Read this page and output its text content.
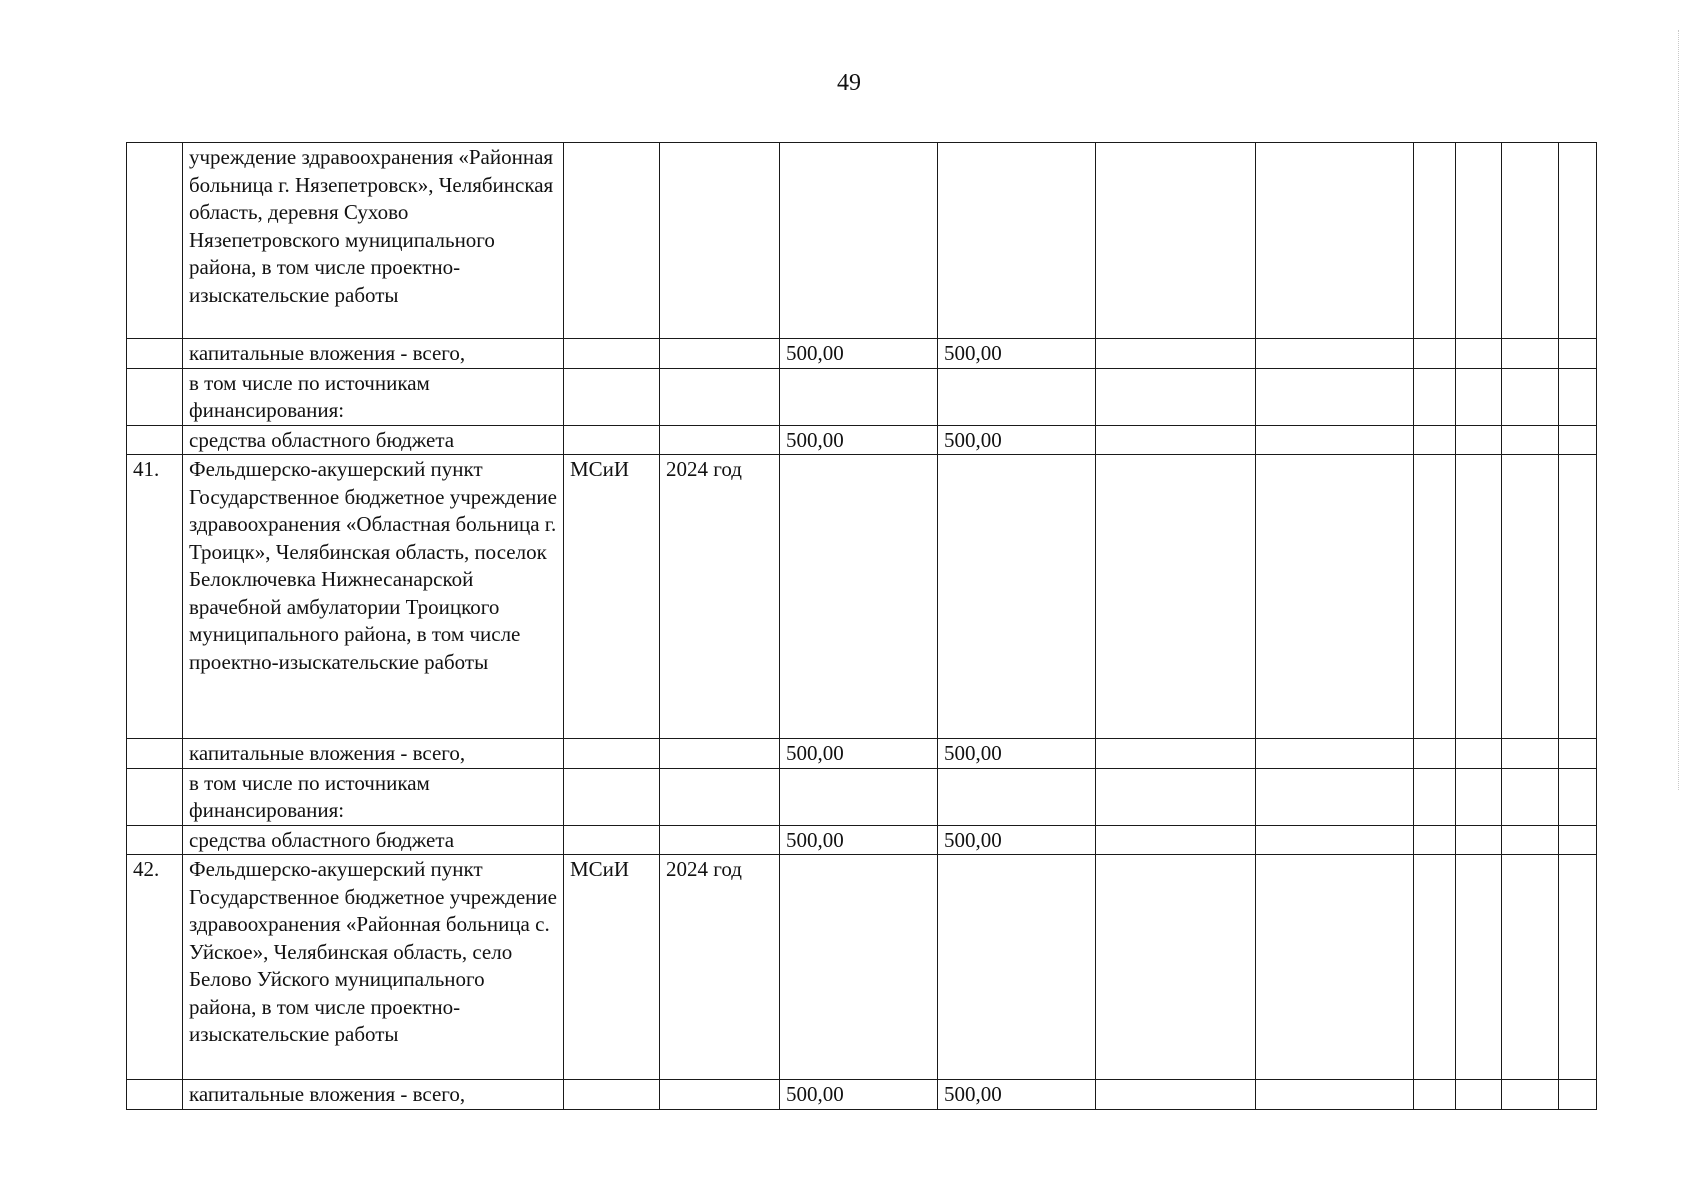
49
	учреждение здравоохранения «Районная больница г. Нязепетровск», Челябинская область, деревня Сухово Нязепетровского муниципального района, в том числе проектно-изыскательские работы										
	капитальные вложения - всего,			500,00	500,00						
	в том числе по источникам финансирования:										
	средства областного бюджета			500,00	500,00						
41.	Фельдшерско-акушерский пункт Государственное бюджетное учреждение здравоохранения «Областная больница г. Троицк», Челябинская область, поселок Белоключевка Нижнесанарской врачебной амбулатории Троицкого муниципального района, в том числе проектно-изыскательские работы	МСиИ	2024 год								
	капитальные вложения - всего,			500,00	500,00						
	в том числе по источникам финансирования:										
	средства областного бюджета			500,00	500,00						
42.	Фельдшерско-акушерский пункт Государственное бюджетное учреждение здравоохранения «Районная больница с. Уйское», Челябинская область, село Белово Уйского муниципального района, в том числе проектно-изыскательские работы	МСиИ	2024 год								
	капитальные вложения - всего,			500,00	500,00						
